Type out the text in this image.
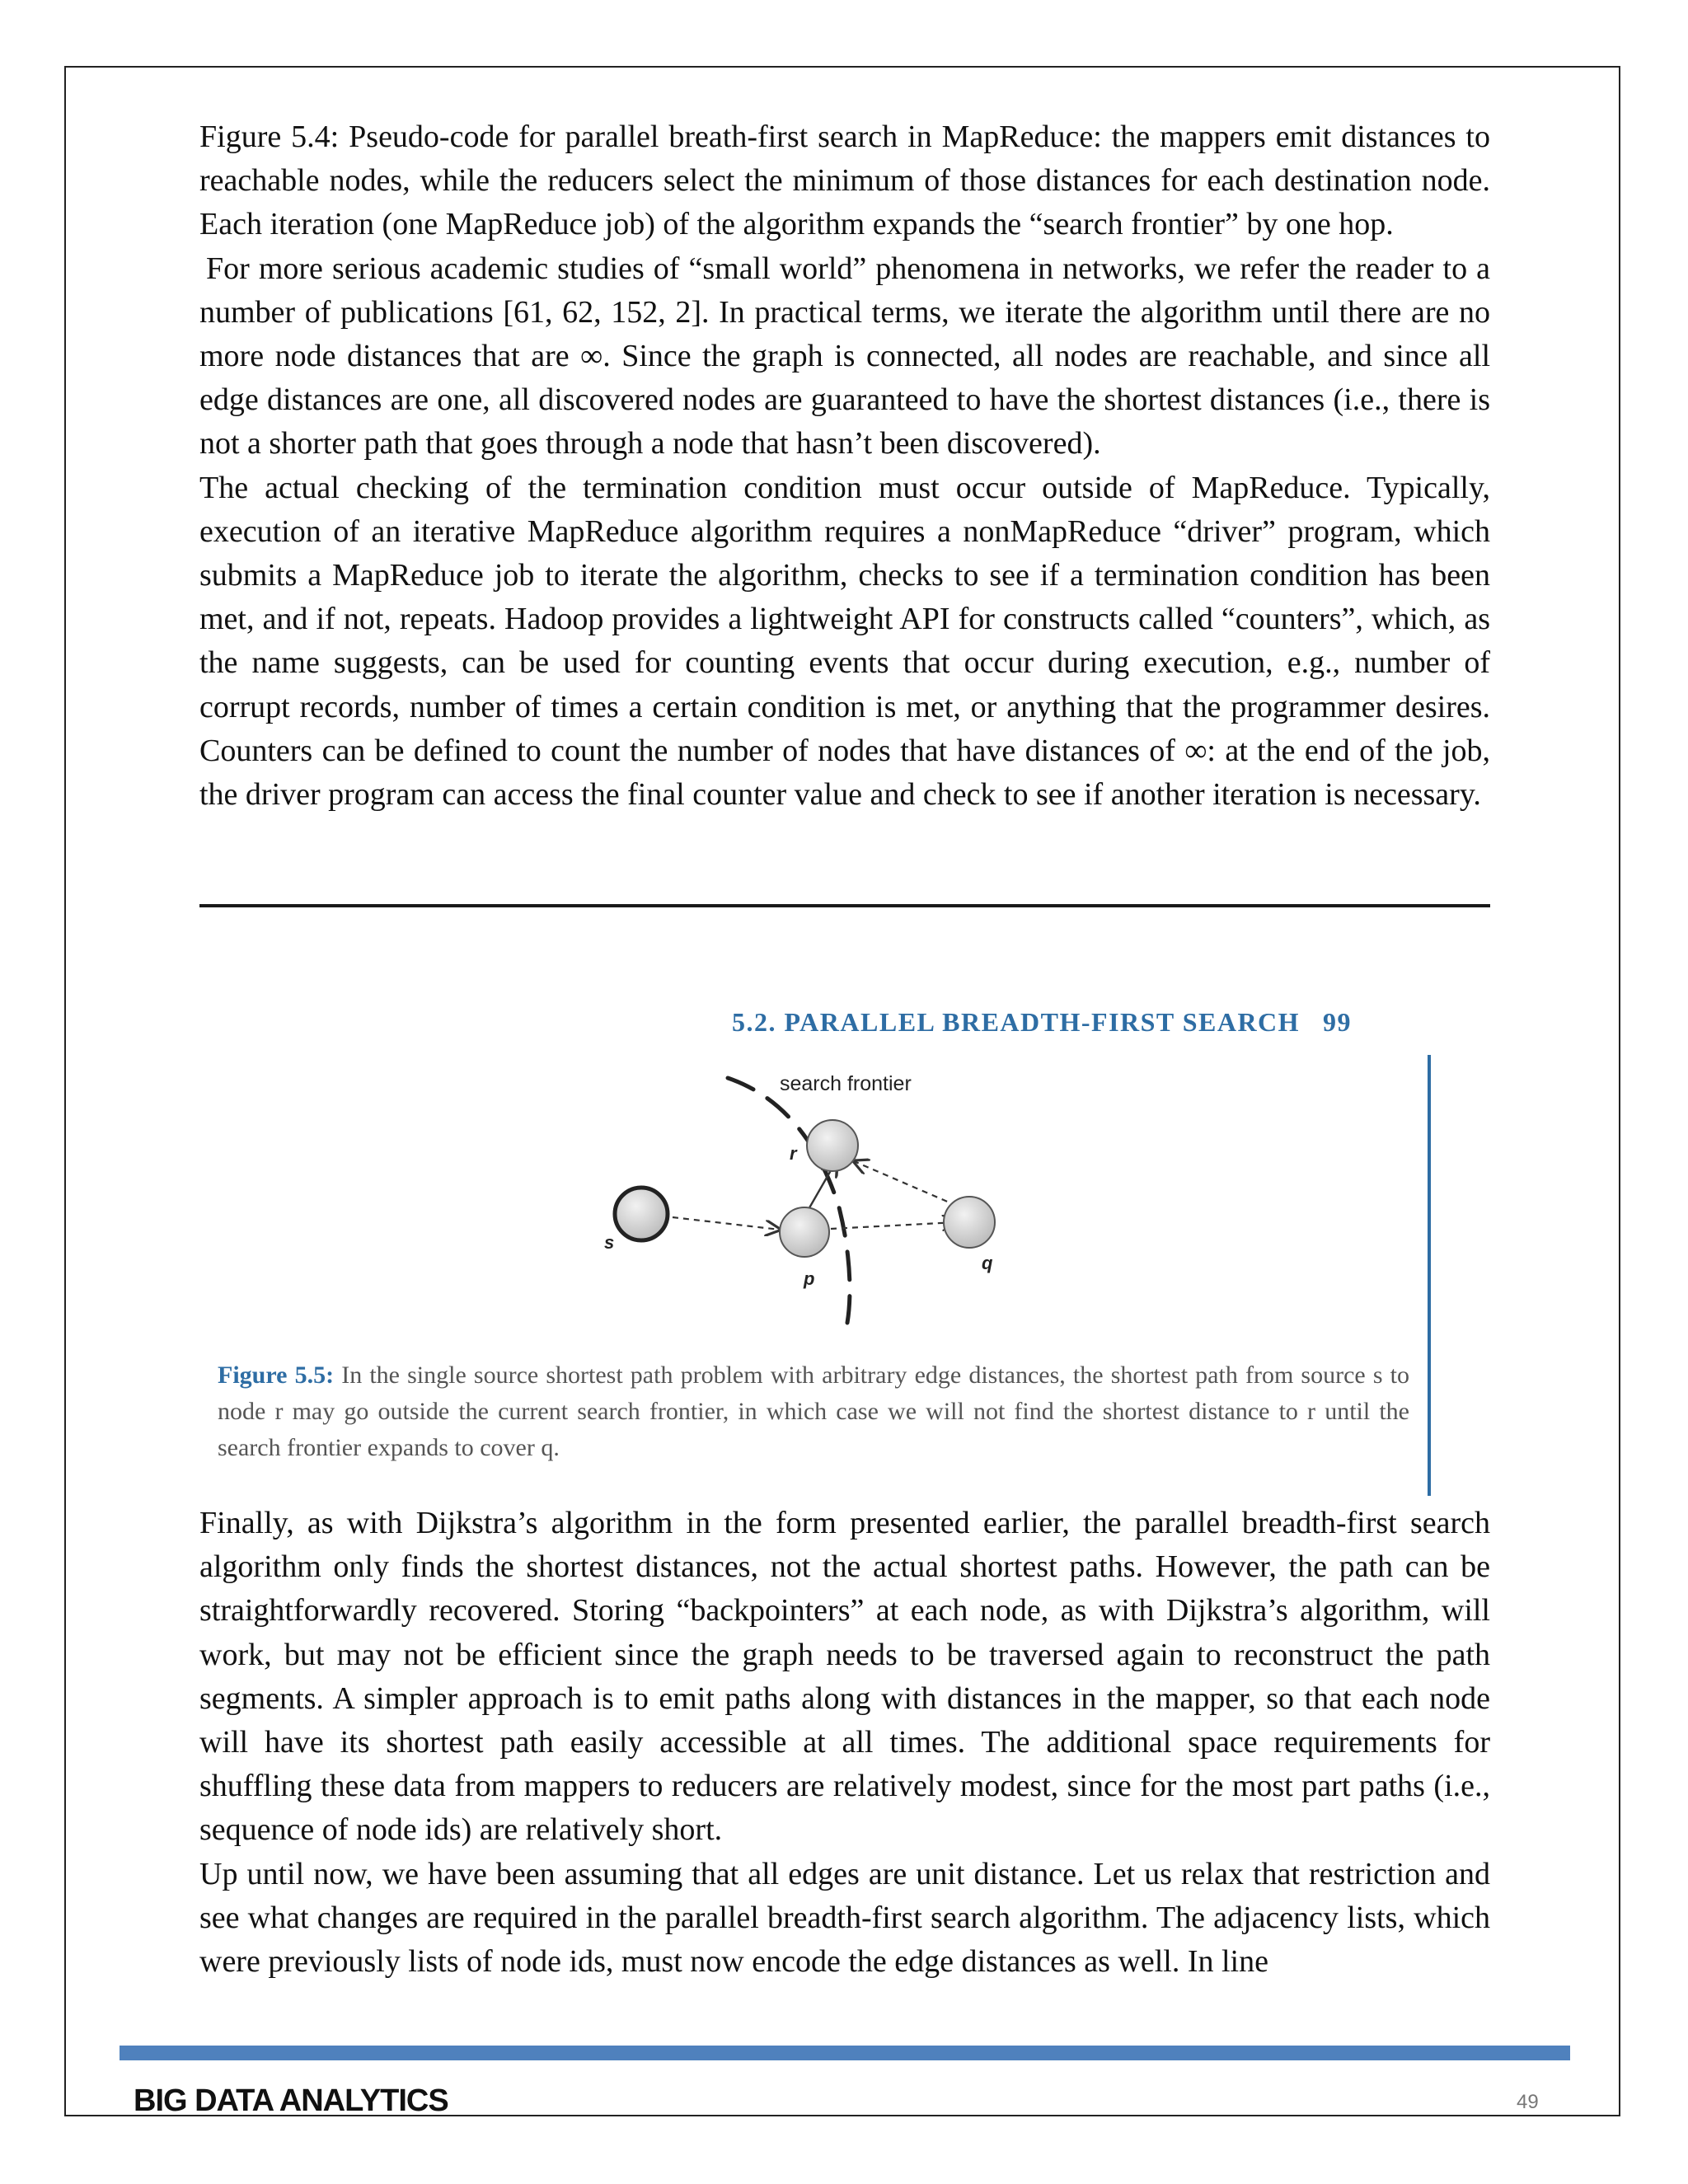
Figure 5.4: Pseudo-code for parallel breath-first search in MapReduce: the mappers emit distances to reachable nodes, while the reducers select the minimum of those distances for each destination node. Each iteration (one MapReduce job) of the algorithm expands the “search frontier” by one hop.

For more serious academic studies of “small world” phenomena in networks, we refer the reader to a number of publications [61, 62, 152, 2]. In practical terms, we iterate the algorithm until there are no more node distances that are ∞. Since the graph is connected, all nodes are reachable, and since all edge distances are one, all discovered nodes are guaranteed to have the shortest distances (i.e., there is not a shorter path that goes through a node that hasn’t been discovered).

The actual checking of the termination condition must occur outside of MapReduce. Typically, execution of an iterative MapReduce algorithm requires a nonMapReduce “driver” program, which submits a MapReduce job to iterate the algorithm, checks to see if a termination condition has been met, and if not, repeats. Hadoop provides a lightweight API for constructs called “counters”, which, as the name suggests, can be used for counting events that occur during execution, e.g., number of corrupt records, number of times a certain condition is met, or anything that the programmer desires. Counters can be defined to count the number of nodes that have distances of ∞: at the end of the job, the driver program can access the final counter value and check to see if another iteration is necessary.

5.2. PARALLEL BREADTH-FIRST SEARCH 99
search frontier
s
r
p
q
Figure 5.5: In the single source shortest path problem with arbitrary edge distances, the shortest path from source s to node r may go outside the current search frontier, in which case we will not find the shortest distance to r until the search frontier expands to cover q.

Finally, as with Dijkstra’s algorithm in the form presented earlier, the parallel breadth-first search algorithm only finds the shortest distances, not the actual shortest paths. However, the path can be straightforwardly recovered. Storing “backpointers” at each node, as with Dijkstra’s algorithm, will work, but may not be efficient since the graph needs to be traversed again to reconstruct the path segments. A simpler approach is to emit paths along with distances in the mapper, so that each node will have its shortest path easily accessible at all times. The additional space requirements for shuffling these data from mappers to reducers are relatively modest, since for the most part paths (i.e., sequence of node ids) are relatively short.

Up until now, we have been assuming that all edges are unit distance. Let us relax that restriction and see what changes are required in the parallel breadth-first search algorithm. The adjacency lists, which were previously lists of node ids, must now encode the edge distances as well. In line

BIG DATA ANALYTICS	49
